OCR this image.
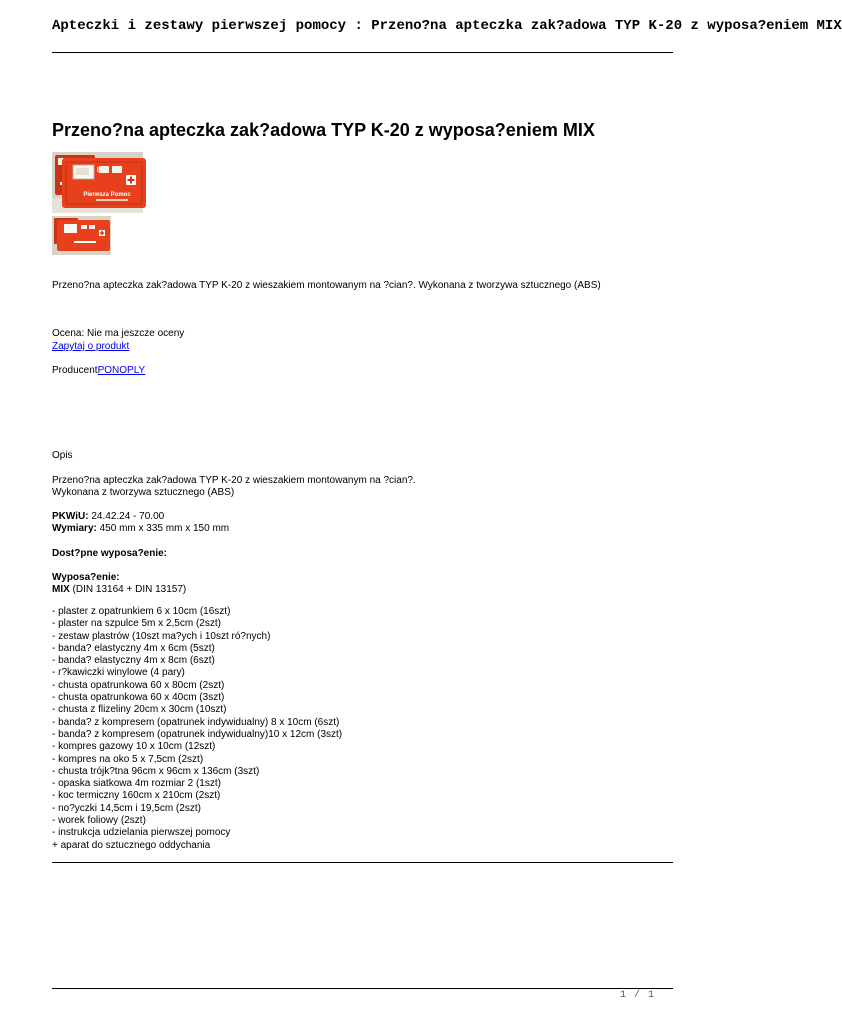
Apteczki i zestawy pierwszej pomocy : Przeno?na apteczka zak?adowa TYP K-20 z wyposa?eniem MIX
Przeno?na apteczka zak?adowa TYP K-20 z wyposa?eniem MIX
Pierwsza Pomoc
Przeno?na apteczka zak?adowa TYP K-20 z wieszakiem montowanym na ?cian?. Wykonana z tworzywa sztucznego (ABS)
Ocena: Nie ma jeszcze oceny
Zapytaj o produkt
ProducentPONOPLY
Opis
Przeno?na apteczka zak?adowa TYP K-20 z wieszakiem montowanym na ?cian?.
Wykonana z tworzywa sztucznego (ABS)
PKWiU: 24.42.24 - 70.00
Wymiary: 450 mm x 335 mm x 150 mm
Dost?pne wyposa?enie:
Wyposa?enie:
MIX (DIN 13164 + DIN 13157)
- plaster z opatrunkiem 6 x 10cm (16szt)
- plaster na szpulce 5m x 2,5cm (2szt)
- zestaw plastrów (10szt ma?ych i 10szt ró?nych)
- banda? elastyczny 4m x 6cm (5szt)
- banda? elastyczny 4m x 8cm (6szt)
- r?kawiczki winylowe (4 pary)
- chusta opatrunkowa 60 x 80cm (2szt)
- chusta opatrunkowa 60 x 40cm (3szt)
- chusta z flizeliny 20cm x 30cm (10szt)
- banda? z kompresem (opatrunek indywidualny) 8 x 10cm (6szt)
- banda? z kompresem (opatrunek indywidualny)10 x 12cm (3szt)
- kompres gazowy 10 x 10cm (12szt)
- kompres na oko 5 x 7,5cm (2szt)
- chusta trójk?tna 96cm x 96cm x 136cm (3szt)
- opaska siatkowa 4m rozmiar 2 (1szt)
- koc termiczny 160cm x 210cm (2szt)
- no?yczki 14,5cm i 19,5cm (2szt)
- worek foliowy (2szt)
- instrukcja udzielania pierwszej pomocy
+ aparat do sztucznego oddychania
1 / 1
